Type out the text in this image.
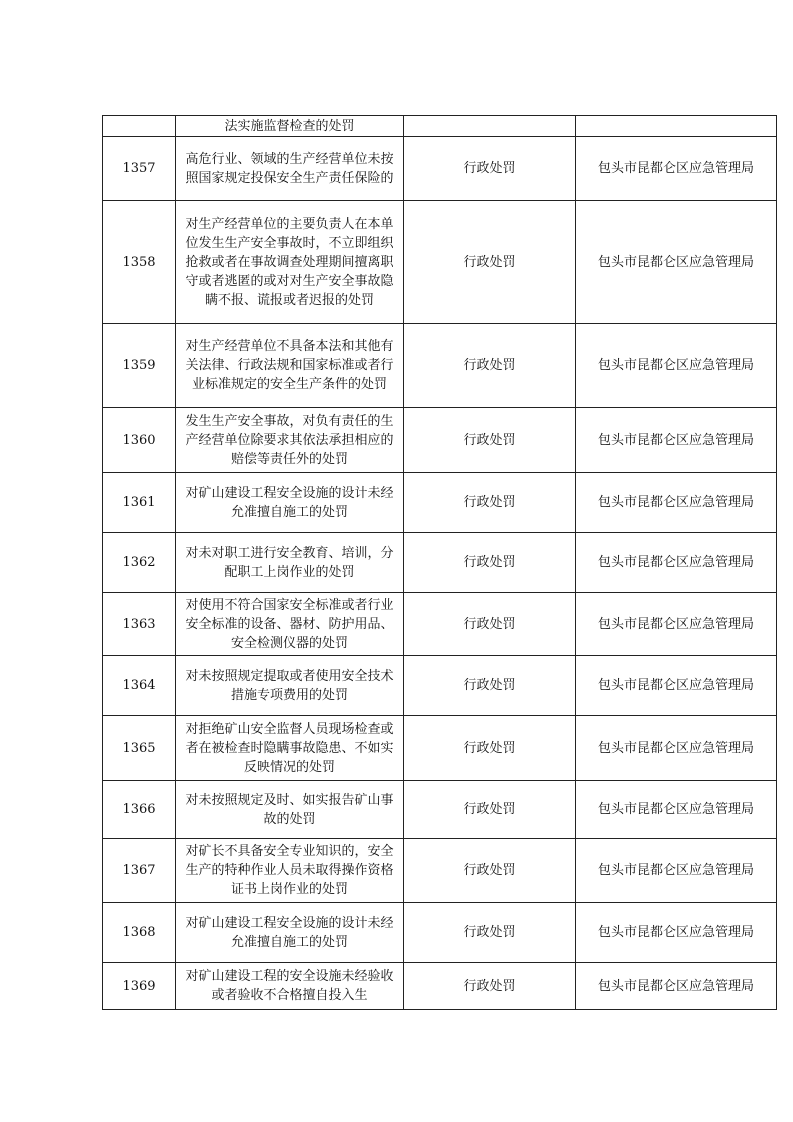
	法实施监督检查的处罚		
1357	高危行业、领域的生产经营单位未按照国家规定投保安全生产责任保险的	行政处罚	包头市昆都仑区应急管理局
1358	对生产经营单位的主要负责人在本单位发生生产安全事故时，不立即组织抢救或者在事故调查处理期间擅离职守或者逃匿的或对对生产安全事故隐瞒不报、谎报或者迟报的处罚	行政处罚	包头市昆都仑区应急管理局
1359	对生产经营单位不具备本法和其他有关法律、行政法规和国家标准或者行业标准规定的安全生产条件的处罚	行政处罚	包头市昆都仑区应急管理局
1360	发生生产安全事故，对负有责任的生产经营单位除要求其依法承担相应的赔偿等责任外的处罚	行政处罚	包头市昆都仑区应急管理局
1361	对矿山建设工程安全设施的设计未经允准擅自施工的处罚	行政处罚	包头市昆都仑区应急管理局
1362	对未对职工进行安全教育、培训，分配职工上岗作业的处罚	行政处罚	包头市昆都仑区应急管理局
1363	对使用不符合国家安全标准或者行业安全标准的设备、器材、防护用品、安全检测仪器的处罚	行政处罚	包头市昆都仑区应急管理局
1364	对未按照规定提取或者使用安全技术措施专项费用的处罚	行政处罚	包头市昆都仑区应急管理局
1365	对拒绝矿山安全监督人员现场检查或者在被检查时隐瞒事故隐患、不如实反映情况的处罚	行政处罚	包头市昆都仑区应急管理局
1366	对未按照规定及时、如实报告矿山事故的处罚	行政处罚	包头市昆都仑区应急管理局
1367	对矿长不具备安全专业知识的，安全生产的特种作业人员未取得操作资格证书上岗作业的处罚	行政处罚	包头市昆都仑区应急管理局
1368	对矿山建设工程安全设施的设计未经允准擅自施工的处罚	行政处罚	包头市昆都仑区应急管理局
1369	对矿山建设工程的安全设施未经验收或者验收不合格擅自投入生	行政处罚	包头市昆都仑区应急管理局
